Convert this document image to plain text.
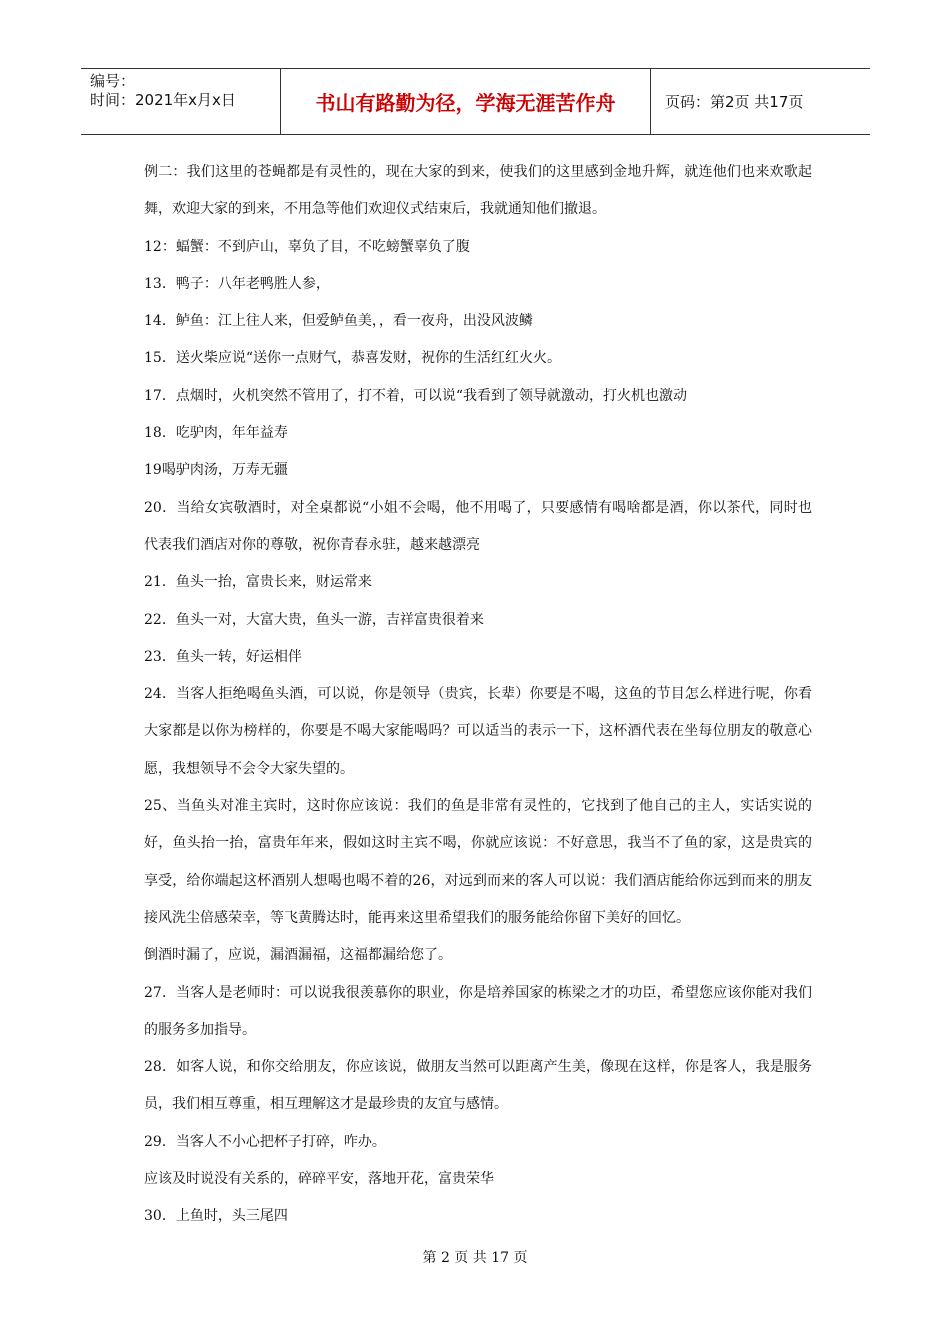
编号：
时间：2021年x月x日	书山有路勤为径，学海无涯苦作舟	页码：第2页 共17页

例二：我们这里的苍蝇都是有灵性的，现在大家的到来，使我们的这里感到金地升辉，就连他们也来欢歌起舞，欢迎大家的到来，不用急等他们欢迎仪式结束后，我就通知他们撤退。

12：蝠蟹：不到庐山，辜负了目，不吃螃蟹辜负了腹

13．鸭子：八年老鸭胜人参，

14．鲈鱼：江上往人来，但爱鲈鱼美，，看一夜舟，出没风波鳞

15．送火柴应说“送你一点财气，恭喜发财，祝你的生活红红火火。

17．点烟时，火机突然不管用了，打不着，可以说“我看到了领导就激动，打火机也激动

18．吃驴肉，年年益寿

19喝驴肉汤，万寿无疆

20．当给女宾敬酒时，对全桌都说“小姐不会喝，他不用喝了，只要感情有喝啥都是酒，你以茶代，同时也代表我们酒店对你的尊敬，祝你青春永驻，越来越漂亮

21．鱼头一抬，富贵长来，财运常来

22．鱼头一对，大富大贵，鱼头一游，吉祥富贵很着来

23．鱼头一转，好运相伴

24．当客人拒绝喝鱼头酒，可以说，你是领导（贵宾，长辈）你要是不喝，这鱼的节目怎么样进行呢，你看大家都是以你为榜样的，你要是不喝大家能喝吗？可以适当的表示一下，这杯酒代表在坐每位朋友的敬意心愿，我想领导不会令大家失望的。

25、当鱼头对准主宾时，这时你应该说：我们的鱼是非常有灵性的，它找到了他自己的主人，实话实说的好，鱼头抬一抬，富贵年年来，假如这时主宾不喝，你就应该说：不好意思，我当不了鱼的家，这是贵宾的享受，给你端起这杯酒别人想喝也喝不着的26，对远到而来的客人可以说：我们酒店能给你远到而来的朋友接风洗尘倍感荣幸，等飞黄腾达时，能再来这里希望我们的服务能给你留下美好的回忆。

倒酒时漏了，应说，漏酒漏福，这福都漏给您了。

27．当客人是老师时：可以说我很羡慕你的职业，你是培养国家的栋梁之才的功臣，希望您应该你能对我们的服务多加指导。

28．如客人说，和你交给朋友，你应该说，做朋友当然可以距离产生美，像现在这样，你是客人，我是服务员，我们相互尊重，相互理解这才是最珍贵的友宜与感情。

29．当客人不小心把杯子打碎，咋办。

应该及时说没有关系的，碎碎平安，落地开花，富贵荣华

30．上鱼时，头三尾四

第 2 页 共 17 页
